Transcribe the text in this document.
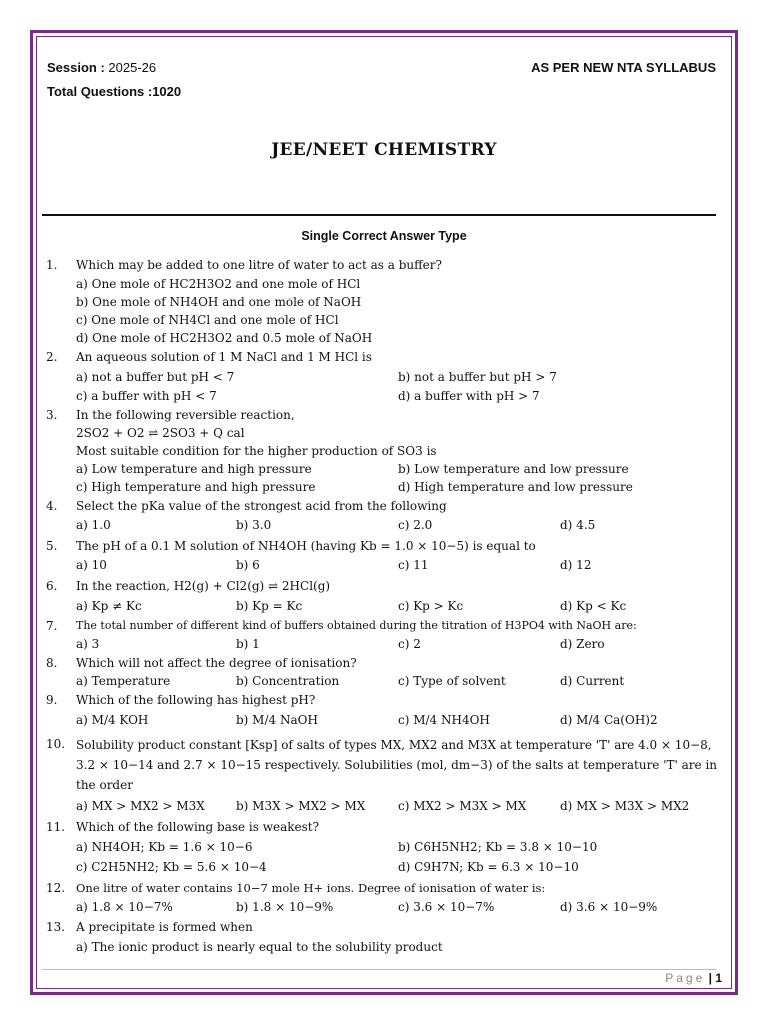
Session : 2025-26
Total Questions :1020
AS PER NEW NTA SYLLABUS
JEE/NEET CHEMISTRY
Single Correct Answer Type
1. Which may be added to one litre of water to act as a buffer?
a) One mole of HC2H3O2 and one mole of HCl
b) One mole of NH4OH and one mole of NaOH
c) One mole of NH4Cl and one mole of HCl
d) One mole of HC2H3O2 and 0.5 mole of NaOH
2. An aqueous solution of 1 M NaCl and 1 M HCl is
a) not a buffer but pH < 7	b) not a buffer but pH > 7
c) a buffer with pH < 7	d) a buffer with pH > 7
3. In the following reversible reaction,
2SO2 + O2 ⇌ 2SO3 + Q cal
Most suitable condition for the higher production of SO3 is
a) Low temperature and high pressure	b) Low temperature and low pressure
c) High temperature and high pressure	d) High temperature and low pressure
4. Select the pKa value of the strongest acid from the following
a) 1.0	b) 3.0	c) 2.0	d) 4.5
5. The pH of a 0.1 M solution of NH4OH (having Kb = 1.0 × 10−5) is equal to
a) 10	b) 6	c) 11	d) 12
6. In the reaction, H2(g) + Cl2(g) ⇌ 2HCl(g)
a) Kp ≠ Kc	b) Kp = Kc	c) Kp > Kc	d) Kp < Kc
7. The total number of different kind of buffers obtained during the titration of H3PO4 with NaOH are:
a) 3	b) 1	c) 2	d) Zero
8. Which will not affect the degree of ionisation?
a) Temperature	b) Concentration	c) Type of solvent	d) Current
9. Which of the following has highest pH?
a) M/4 KOH	b) M/4 NaOH	c) M/4 NH4OH	d) M/4 Ca(OH)2
10. Solubility product constant [Ksp] of salts of types MX, MX2 and M3X at temperature 'T' are 4.0 × 10−8, 3.2 × 10−14 and 2.7 × 10−15 respectively. Solubilities (mol, dm−3) of the salts at temperature 'T' are in the order
a) MX > MX2 > M3X	b) M3X > MX2 > MX	c) MX2 > M3X > MX	d) MX > M3X > MX2
11. Which of the following base is weakest?
a) NH4OH; Kb = 1.6 × 10−6	b) C6H5NH2; Kb = 3.8 × 10−10
c) C2H5NH2; Kb = 5.6 × 10−4	d) C9H7N; Kb = 6.3 × 10−10
12. One litre of water contains 10−7 mole H+ ions. Degree of ionisation of water is:
a) 1.8 × 10−7%	b) 1.8 × 10−9%	c) 3.6 × 10−7%	d) 3.6 × 10−9%
13. A precipitate is formed when
a) The ionic product is nearly equal to the solubility product
Page | 1
